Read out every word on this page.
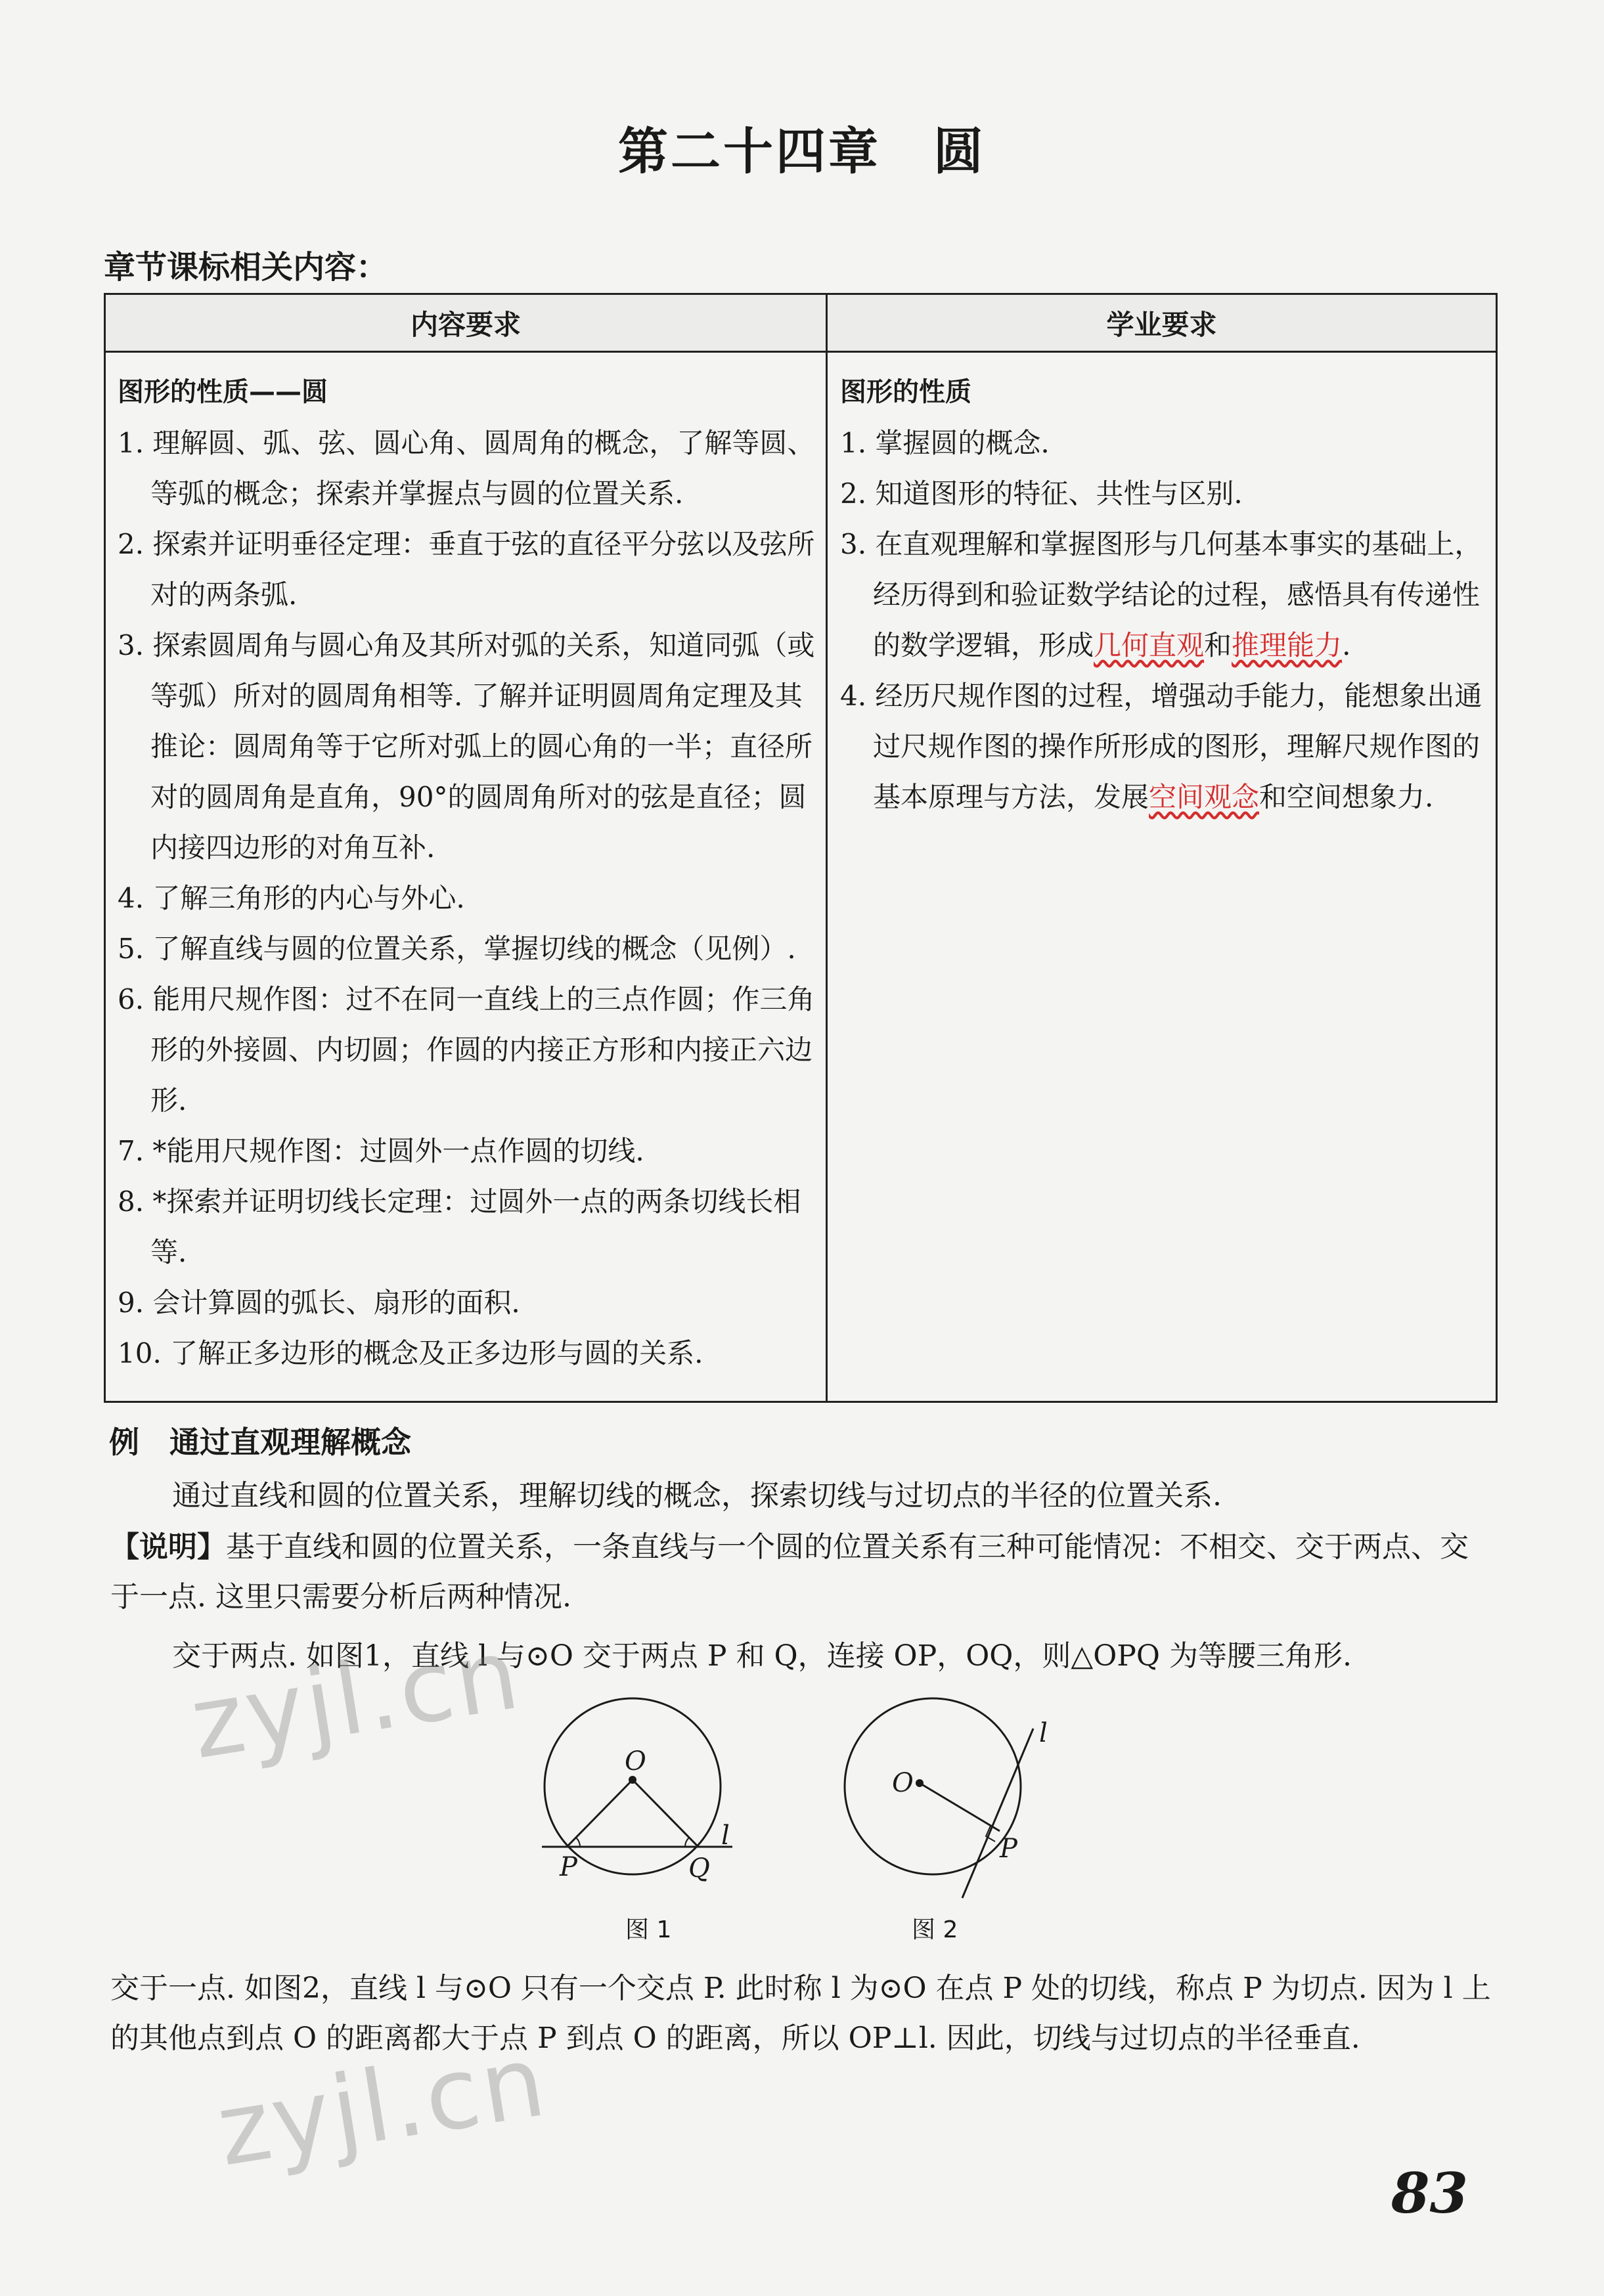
第二十四章　圆
章节课标相关内容：
内容要求	学业要求
图形的性质——圆
1. 理解圆、弧、弦、圆心角、圆周角的概念，了解等圆、等弧的概念；探索并掌握点与圆的位置关系.
2. 探索并证明垂径定理：垂直于弦的直径平分弦以及弦所对的两条弧.
3. 探索圆周角与圆心角及其所对弧的关系，知道同弧（或等弧）所对的圆周角相等. 了解并证明圆周角定理及其推论：圆周角等于它所对弧上的圆心角的一半；直径所对的圆周角是直角，90°的圆周角所对的弦是直径；圆内接四边形的对角互补.
4. 了解三角形的内心与外心.
5. 了解直线与圆的位置关系，掌握切线的概念（见例）.
6. 能用尺规作图：过不在同一直线上的三点作圆；作三角形的外接圆、内切圆；作圆的内接正方形和内接正六边形.
7. *能用尺规作图：过圆外一点作圆的切线.
8. *探索并证明切线长定理：过圆外一点的两条切线长相等.
9. 会计算圆的弧长、扇形的面积.
10. 了解正多边形的概念及正多边形与圆的关系.
图形的性质
1. 掌握圆的概念.
2. 知道图形的特征、共性与区别.
3. 在直观理解和掌握图形与几何基本事实的基础上，经历得到和验证数学结论的过程，感悟具有传递性的数学逻辑，形成几何直观和推理能力.
4. 经历尺规作图的过程，增强动手能力，能想象出通过尺规作图的操作所形成的图形，理解尺规作图的基本原理与方法，发展空间观念和空间想象力.
例 通过直观理解概念
通过直线和圆的位置关系，理解切线的概念，探索切线与过切点的半径的位置关系.
【说明】基于直线和圆的位置关系，一条直线与一个圆的位置关系有三种可能情况：不相交、交于两点、交于一点. 这里只需要分析后两种情况.
交于两点. 如图1，直线 l 与⊙O 交于两点 P 和 Q，连接 OP，OQ，则△OPQ 为等腰三角形.
O
P	Q
l
图 1
O
P
l
图 2
交于一点. 如图2，直线 l 与⊙O 只有一个交点 P. 此时称 l 为⊙O 在点 P 处的切线，称点 P 为切点. 因为 l 上的其他点到点 O 的距离都大于点 P 到点 O 的距离，所以 OP⊥l. 因此，切线与过切点的半径垂直.
zyjl.cn
zyjl.cn
83
